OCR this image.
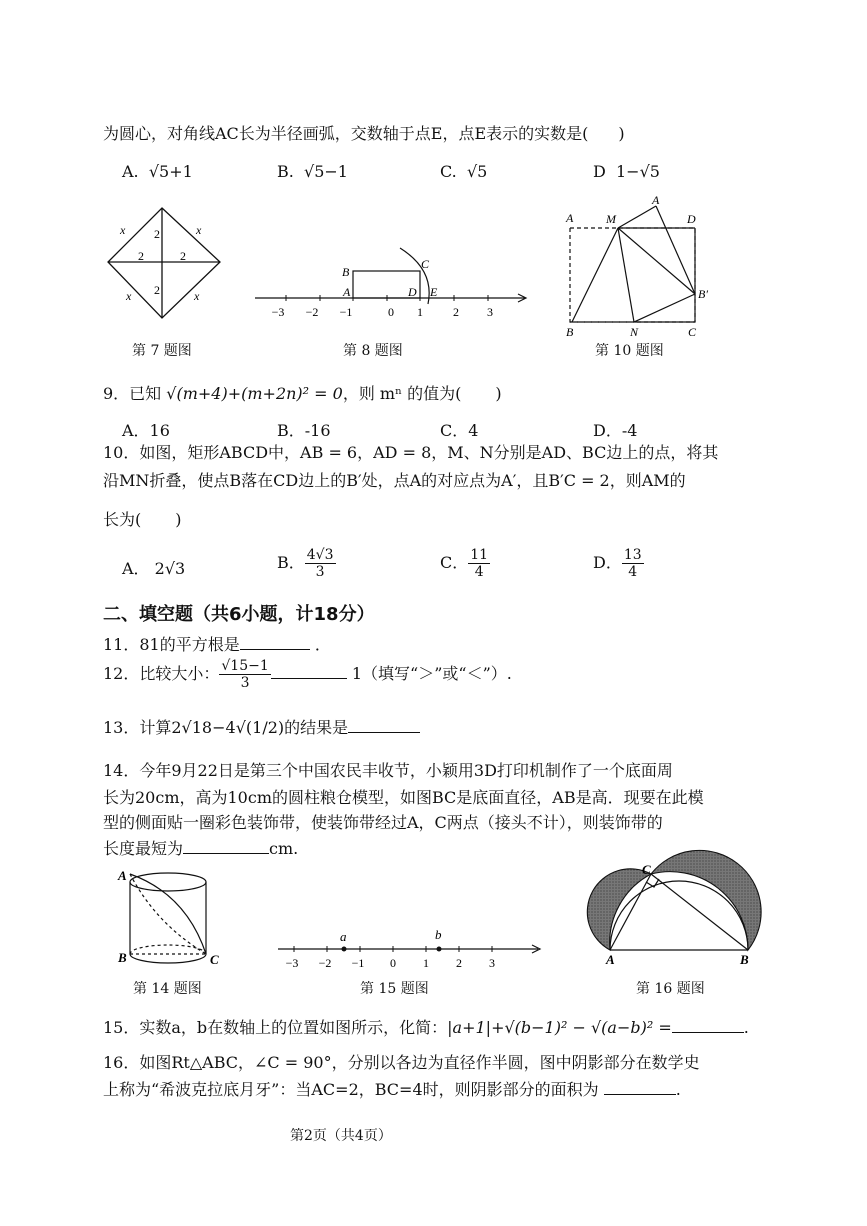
为圆心，对角线AC长为半径画弧，交数轴于点E，点E表示的实数是( )
A. √5+1	B. √5−1	C. √5	D 1−√5
x	x
x	x
2
2	2
2
第 7 题图
−3 −2 −1	0 1	2 3
B
A
C
D E
第 8 题图
A	M
A
D
B′
B	N	C
第 10 题图
9．已知 √(m+4)+(m+2n)² = 0，则 mⁿ 的值为( )
A．16	B．-16	C．4	D．-4
10．如图，矩形ABCD中，AB = 6，AD = 8，M、N分别是AD、BC边上的点，将其
沿MN折叠，使点B落在CD边上的B′处，点A的对应点为A′，且B′C = 2，则AM的
长为( )
A． 2√3	B． $\frac{4√3}{3}$	C． $\frac{11}{4}$	D． $\frac{13}{4}$
二、填空题（共6小题，计18分）
11．81的平方根是	．
12．比较大小： $\frac{√15-1}{3}$	1（填写“＞”或“＜”）.
13．计算2√18−4√(1/2)的结果是
14．今年9月22日是第三个中国农民丰收节，小颖用3D打印机制作了一个底面周
长为20cm，高为10cm的圆柱粮仓模型，如图BC是底面直径，AB是高．现要在此模
型的侧面贴一圈彩色装饰带，使装饰带经过A，C两点（接头不计），则装饰带的
长度最短为	cm.
A
B	C
第 14 题图
a	b
−3 −2 −1 0 1 2 3
第 15 题图
C
A	B
第 16 题图
15．实数a，b在数轴上的位置如图所示，化简：|a+1|+√(b−1)² − √(a−b)² =	.
16．如图Rt△ABC，∠C = 90°，分别以各边为直径作半圆，图中阴影部分在数学史
上称为“希波克拉底月牙”：当AC=2，BC=4时，则阴影部分的面积为	.
第2页（共4页）
